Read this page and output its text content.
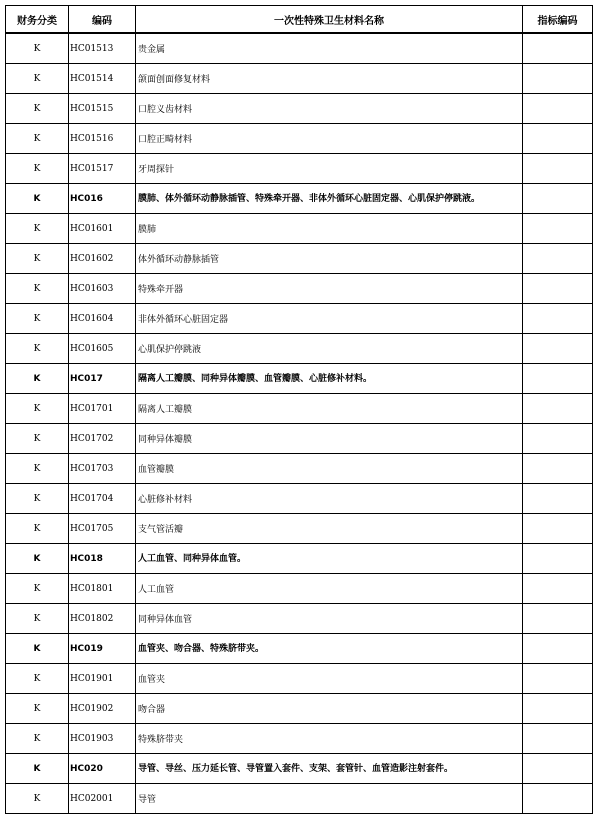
财务分类	编码	一次性特殊卫生材料名称	指标编码
K	HC01513	贵金属	
K	HC01514	颌面创面修复材料	
K	HC01515	口腔义齿材料	
K	HC01516	口腔正畸材料	
K	HC01517	牙周探针	
K	HC016	膜肺、体外循环动静脉插管、特殊牵开器、非体外循环心脏固定器、心肌保护停跳液。	
K	HC01601	膜肺	
K	HC01602	体外循环动静脉插管	
K	HC01603	特殊牵开器	
K	HC01604	非体外循环心脏固定器	
K	HC01605	心肌保护停跳液	
K	HC017	隔离人工瓣膜、同种异体瓣膜、血管瓣膜、心脏修补材料。	
K	HC01701	隔离人工瓣膜	
K	HC01702	同种异体瓣膜	
K	HC01703	血管瓣膜	
K	HC01704	心脏修补材料	
K	HC01705	支气管活瓣	
K	HC018	人工血管、同种异体血管。	
K	HC01801	人工血管	
K	HC01802	同种异体血管	
K	HC019	血管夹、吻合器、特殊脐带夹。	
K	HC01901	血管夹	
K	HC01902	吻合器	
K	HC01903	特殊脐带夹	
K	HC020	导管、导丝、压力延长管、导管置入套件、支架、套管针、血管造影注射套件。	
K	HC02001	导管	
